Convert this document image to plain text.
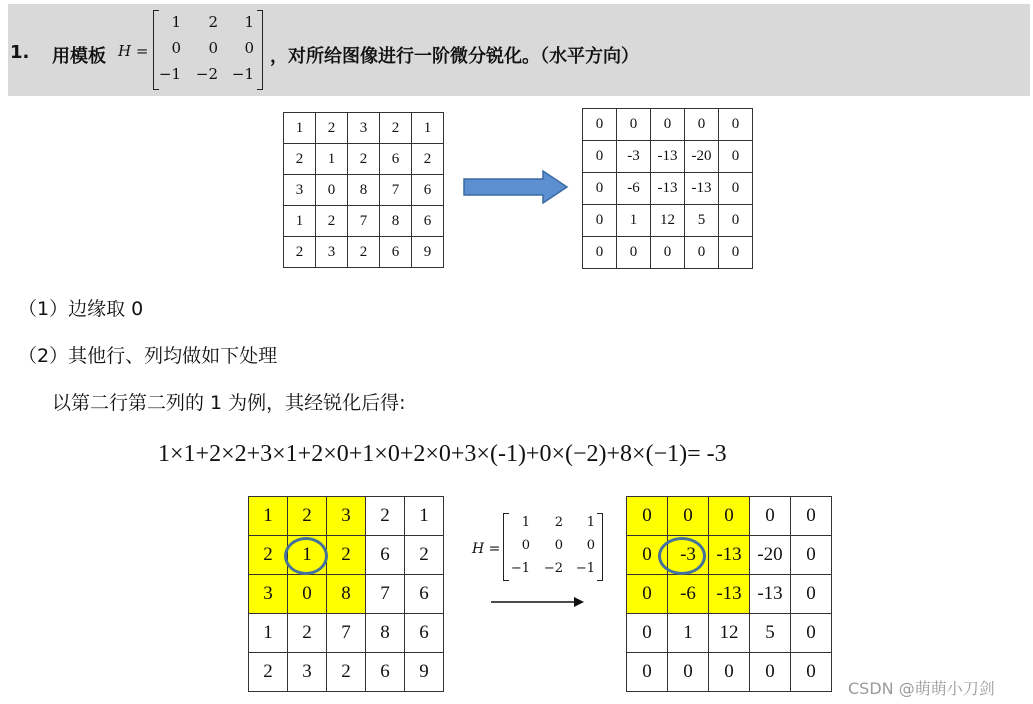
1. 用模板 H =
1 2 1
0 0 0
−1 −2 −1
，对所给图像进行一阶微分锐化。（水平方向）
1	2	3	2	1
2	1	2	6	2
3	0	8	7	6
1	2	7	8	6
2	3	2	6	9
0	0	0	0	0
0	-3	-13	-20	0
0	-6	-13	-13	0
0	1	12	5	0
0	0	0	0	0
（1）边缘取 0
（2）其他行、列均做如下处理
以第二行第二列的 1 为例，其经锐化后得:
1×1+2×2+3×1+2×0+1×0+2×0+3×(-1)+0×(−2)+8×(−1)= -3
1	2	3	2	1
2	1	2	6	2
3	0	8	7	6
1	2	7	8	6
2	3	2	6	9
H =
1 2 1
0 0 0
−1 −2 −1
0	0	0	0	0
0	-3	-13	-20	0
0	-6	-13	-13	0
0	1	12	5	0
0	0	0	0	0
CSDN @萌萌小刀剑
